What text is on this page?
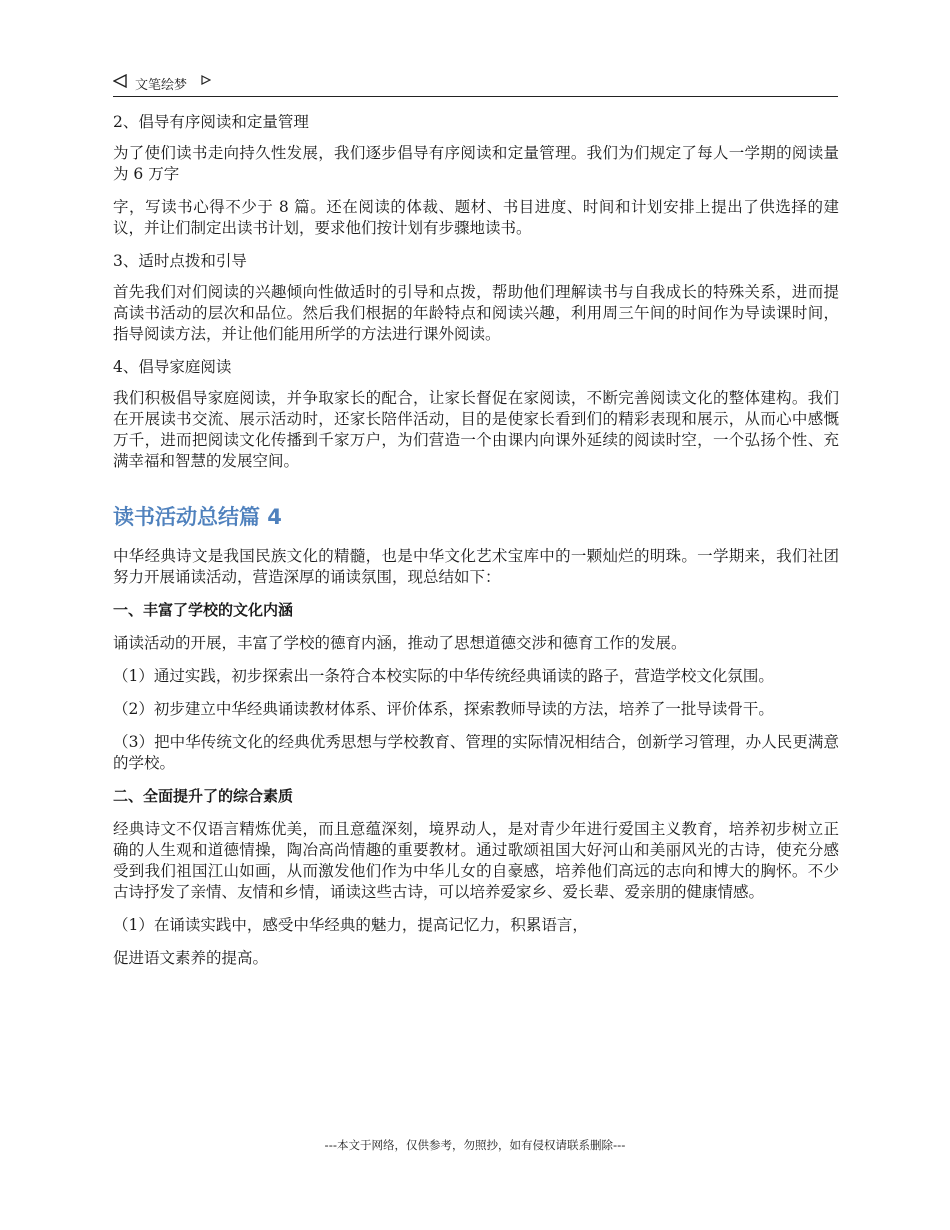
文笔绘梦

2、倡导有序阅读和定量管理

为了使们读书走向持久性发展，我们逐步倡导有序阅读和定量管理。我们为们规定了每人一学期的阅读量为 6 万字

字，写读书心得不少于 8 篇。还在阅读的体裁、题材、书目进度、时间和计划安排上提出了供选择的建议，并让们制定出读书计划，要求他们按计划有步骤地读书。

3、适时点拨和引导

首先我们对们阅读的兴趣倾向性做适时的引导和点拨，帮助他们理解读书与自我成长的特殊关系，进而提高读书活动的层次和品位。然后我们根据的年龄特点和阅读兴趣，利用周三午间的时间作为导读课时间，指导阅读方法，并让他们能用所学的方法进行课外阅读。

4、倡导家庭阅读

我们积极倡导家庭阅读，并争取家长的配合，让家长督促在家阅读，不断完善阅读文化的整体建构。我们在开展读书交流、展示活动时，还家长陪伴活动，目的是使家长看到们的精彩表现和展示，从而心中感慨万千，进而把阅读文化传播到千家万户，为们营造一个由课内向课外延续的阅读时空，一个弘扬个性、充满幸福和智慧的发展空间。

读书活动总结篇 4

中华经典诗文是我国民族文化的精髓，也是中华文化艺术宝库中的一颗灿烂的明珠。一学期来，我们社团努力开展诵读活动，营造深厚的诵读氛围，现总结如下：

一、丰富了学校的文化内涵

诵读活动的开展，丰富了学校的德育内涵，推动了思想道德交涉和德育工作的发展。

（1）通过实践，初步探索出一条符合本校实际的中华传统经典诵读的路子，营造学校文化氛围。

（2）初步建立中华经典诵读教材体系、评价体系，探索教师导读的方法，培养了一批导读骨干。

（3）把中华传统文化的经典优秀思想与学校教育、管理的实际情况相结合，创新学习管理，办人民更满意的学校。

二、全面提升了的综合素质

经典诗文不仅语言精炼优美，而且意蕴深刻，境界动人，是对青少年进行爱国主义教育，培养初步树立正确的人生观和道德情操，陶冶高尚情趣的重要教材。通过歌颂祖国大好河山和美丽风光的古诗，使充分感受到我们祖国江山如画，从而激发他们作为中华儿女的自豪感，培养他们高远的志向和博大的胸怀。不少古诗抒发了亲情、友情和乡情，诵读这些古诗，可以培养爱家乡、爱长辈、爱亲朋的健康情感。

（1）在诵读实践中，感受中华经典的魅力，提高记忆力，积累语言，

促进语文素养的提高。

---本文于网络，仅供参考，勿照抄，如有侵权请联系删除---
